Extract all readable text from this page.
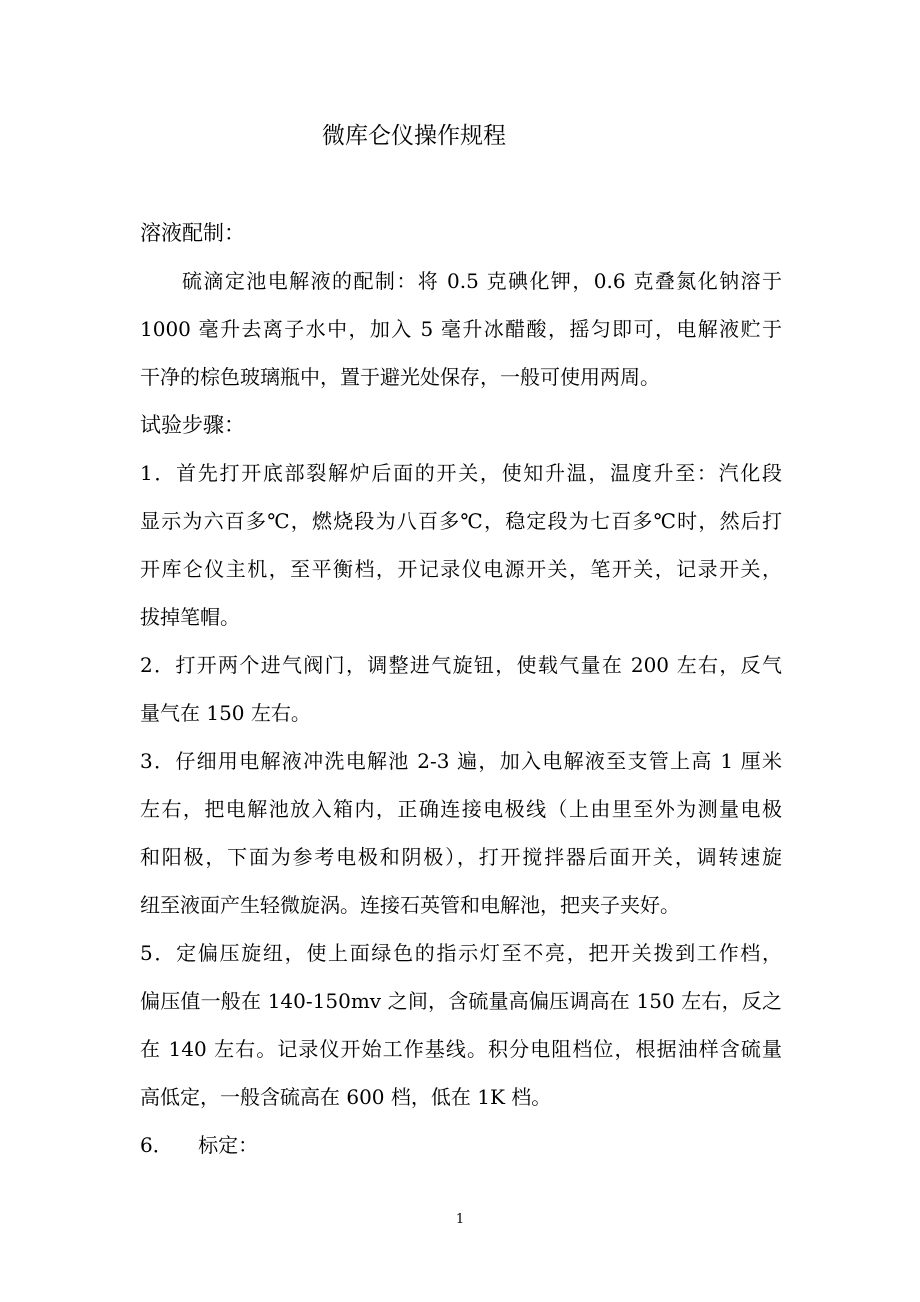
微库仑仪操作规程
溶液配制：
硫滴定池电解液的配制：将 0.5 克碘化钾，0.6 克叠氮化钠溶于
1000 毫升去离子水中，加入 5 毫升冰醋酸，摇匀即可，电解液贮于
干净的棕色玻璃瓶中，置于避光处保存，一般可使用两周。
试验步骤：
1．首先打开底部裂解炉后面的开关，使知升温，温度升至：汽化段
显示为六百多℃，燃烧段为八百多℃，稳定段为七百多℃时，然后打
开库仑仪主机，至平衡档，开记录仪电源开关，笔开关，记录开关，
拔掉笔帽。
2．打开两个进气阀门，调整进气旋钮，使载气量在 200 左右，反气
量气在 150 左右。
3．仔细用电解液冲洗电解池 2-3 遍，加入电解液至支管上高 1 厘米
左右，把电解池放入箱内，正确连接电极线（上由里至外为测量电极
和阳极，下面为参考电极和阴极），打开搅拌器后面开关，调转速旋
纽至液面产生轻微旋涡。连接石英管和电解池，把夹子夹好。
5．定偏压旋纽，使上面绿色的指示灯至不亮，把开关拨到工作档，
偏压值一般在 140-150mv 之间，含硫量高偏压调高在 150 左右，反之
在 140 左右。记录仪开始工作基线。积分电阻档位，根据油样含硫量
高低定，一般含硫高在 600 档，低在 1K 档。
6．    标定：
1
